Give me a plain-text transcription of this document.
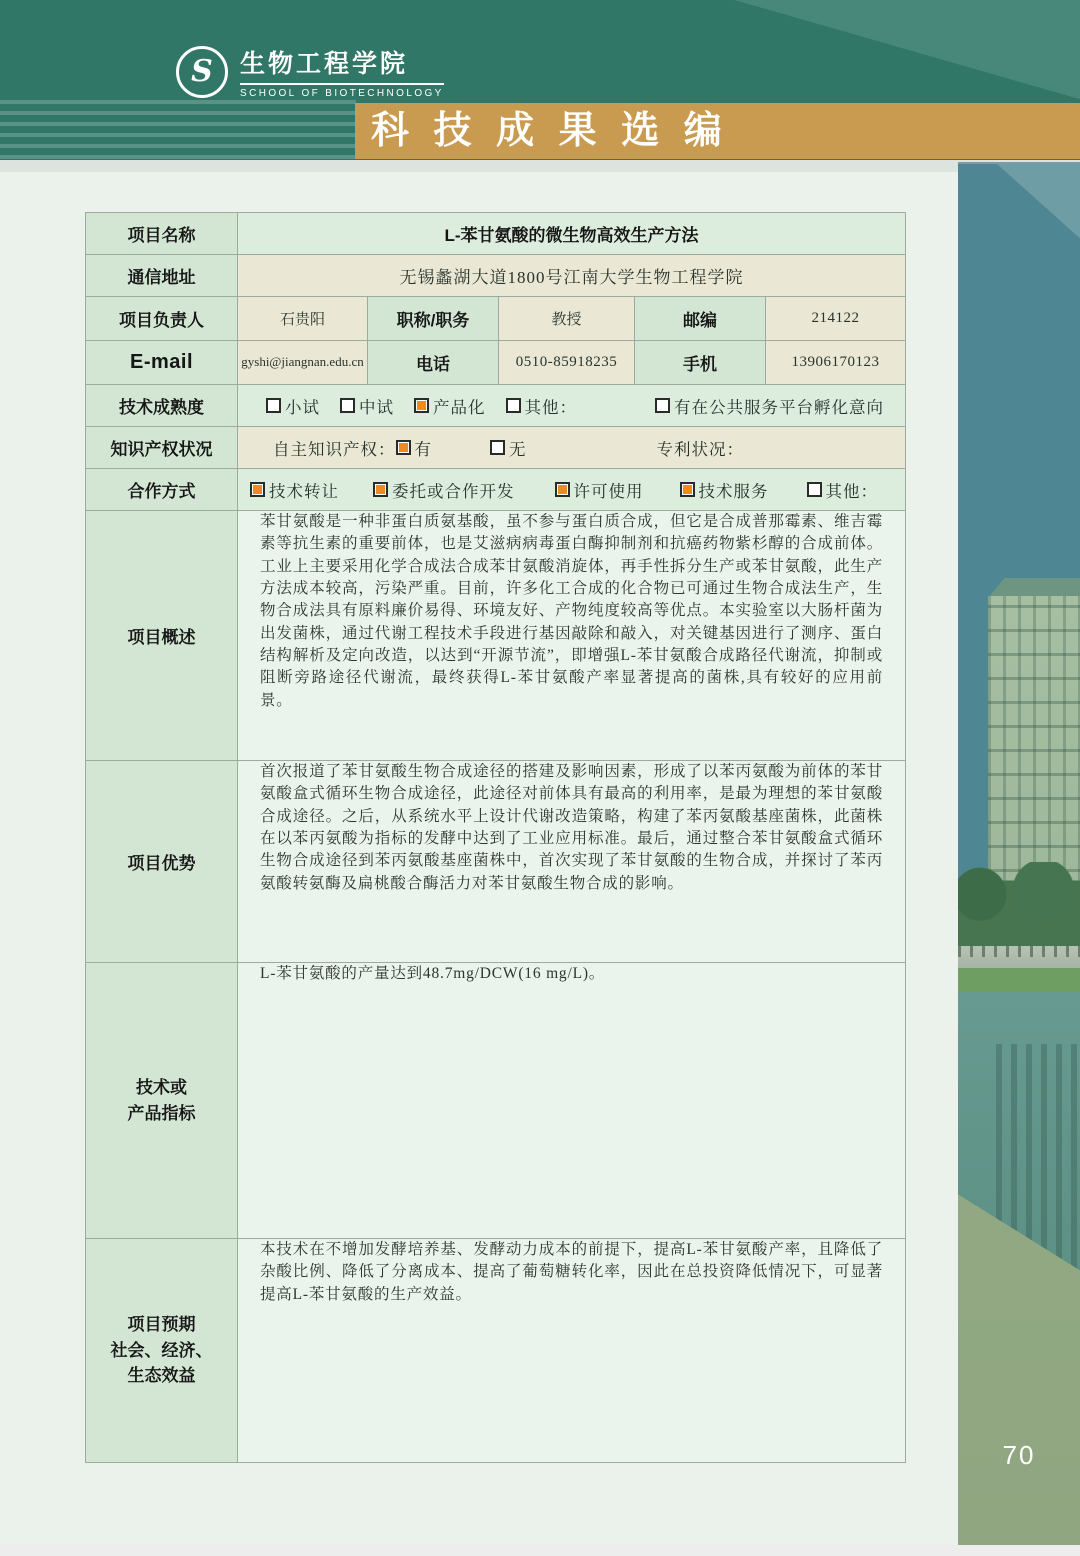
S	生物工程学院
SCHOOL OF BIOTECHNOLOGY
科 技 成 果 选 编
70
项目名称	L-苯甘氨酸的微生物高效生产方法				
通信地址	无锡蠡湖大道1800号江南大学生物工程学院				
项目负责人	石贵阳	职称/职务	教授	邮编	214122
E-mail	gyshi@jiangnan.edu.cn	电话	0510-85918235	手机	13906170123
技术成熟度	小试 中试 产品化 其他： 有在公共服务平台孵化意向				

知识产权状况	自主知识产权： 有 无 专利状况：				

合作方式	技术转让 委托或合作开发 许可使用 技术服务 其他：				

项目概述	苯甘氨酸是一种非蛋白质氨基酸，虽不参与蛋白质合成，但它是合成普那霉素、维吉霉素等抗生素的重要前体，也是艾滋病病毒蛋白酶抑制剂和抗癌药物紫杉醇的合成前体。工业上主要采用化学合成法合成苯甘氨酸消旋体，再手性拆分生产或苯甘氨酸，此生产方法成本较高，污染严重。目前，许多化工合成的化合物已可通过生物合成法生产，生物合成法具有原料廉价易得、环境友好、产物纯度较高等优点。本实验室以大肠杆菌为出发菌株，通过代谢工程技术手段进行基因敲除和敲入，对关键基因进行了测序、蛋白结构解析及定向改造，以达到“开源节流”，即增强L-苯甘氨酸合成路径代谢流，抑制或阻断旁路途径代谢流，最终获得L-苯甘氨酸产率显著提高的菌株,具有较好的应用前景。				

项目优势	首次报道了苯甘氨酸生物合成途径的搭建及影响因素，形成了以苯丙氨酸为前体的苯甘氨酸盒式循环生物合成途径，此途径对前体具有最高的利用率，是最为理想的苯甘氨酸合成途径。之后，从系统水平上设计代谢改造策略，构建了苯丙氨酸基座菌株，此菌株在以苯丙氨酸为指标的发酵中达到了工业应用标准。最后，通过整合苯甘氨酸盒式循环生物合成途径到苯丙氨酸基座菌株中，首次实现了苯甘氨酸的生物合成，并探讨了苯丙氨酸转氨酶及扁桃酸合酶活力对苯甘氨酸生物合成的影响。				

技术或
产品指标	L-苯甘氨酸的产量达到48.7mg/DCW(16 mg/L)。				

项目预期
社会、经济、
生态效益	本技术在不增加发酵培养基、发酵动力成本的前提下，提高L-苯甘氨酸产率，且降低了杂酸比例、降低了分离成本、提高了葡萄糖转化率，因此在总投资降低情况下，可显著提高L-苯甘氨酸的生产效益。				
